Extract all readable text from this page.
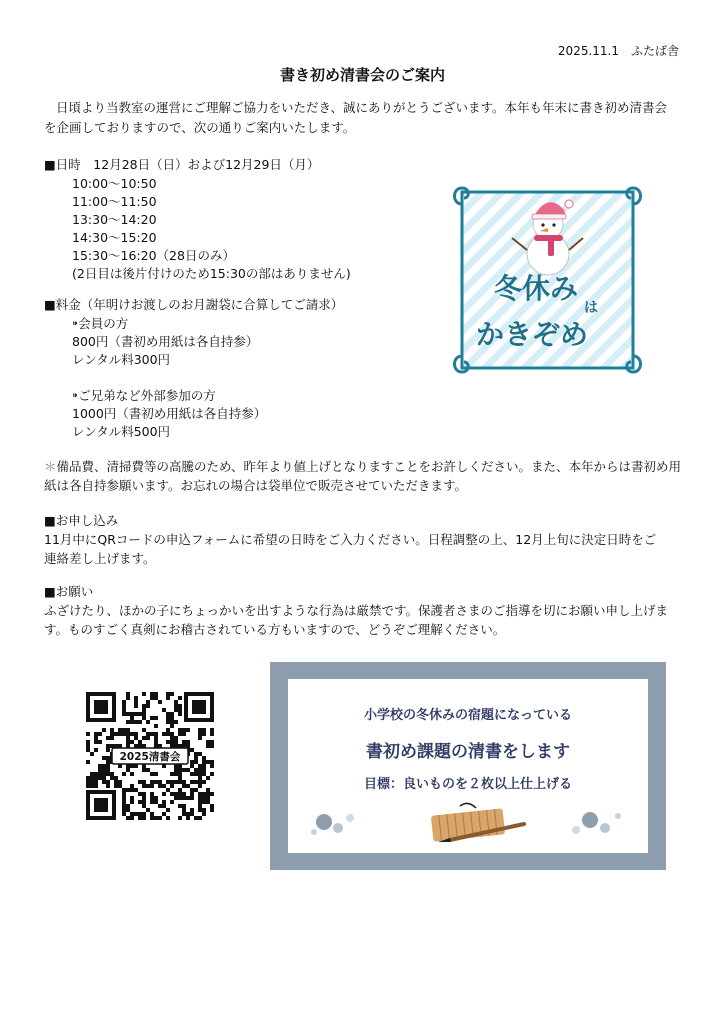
2025.11.1　ふたば舎
書き初め清書会のご案内
日頃より当教室の運営にご理解ご協力をいただき、誠にありがとうございます。本年も年末に書き初め清書会
を企画しておりますので、次の通りご案内いたします。
■日時　12月28日（日）および12月29日（月）
10:00〜10:50
11:00〜11:50
13:30〜14:20
14:30〜15:20
15:30〜16:20（28日のみ）
(2日目は後片付けのため15:30の部はありません)
■料金（年明けお渡しのお月謝袋に合算してご請求）
⁍会員の方
800円（書初め用紙は各自持参）
レンタル料300円
⁍ご兄弟など外部参加の方
1000円（書初め用紙は各自持参）
レンタル料500円
＊備品費、清掃費等の高騰のため、昨年より値上げとなりますことをお許しください。また、本年からは書初め用
紙は各自持参願います。お忘れの場合は袋単位で販売させていただきます。
■お申し込み
11月中にQRコードの申込フォームに希望の日時をご入力ください。日程調整の上、12月上旬に決定日時をご
連絡差し上げます。
■お願い
ふざけたり、ほかの子にちょっかいを出すような行為は厳禁です。保護者さまのご指導を切にお願い申し上げま
す。ものすごく真剣にお稽古されている方もいますので、どうぞご理解ください。
冬休み
は
かきぞめ
2025清書会
小学校の冬休みの宿題になっている
書初め課題の清書をします
目標：良いものを２枚以上仕上げる
